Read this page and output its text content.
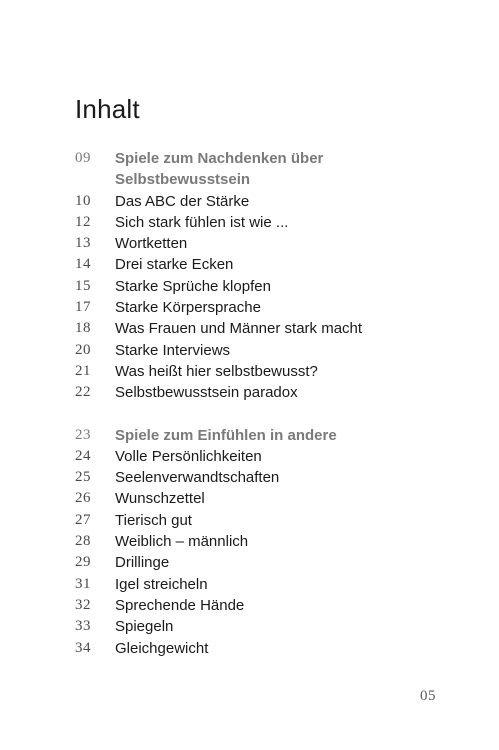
Inhalt
09	Spiele zum Nachdenken über
Selbstbewusstsein
10	Das ABC der Stärke
12	Sich stark fühlen ist wie ...
13	Wortketten
14	Drei starke Ecken
15	Starke Sprüche klopfen
17	Starke Körpersprache
18	Was Frauen und Männer stark macht
20	Starke Interviews
21	Was heißt hier selbstbewusst?
22	Selbstbewusstsein paradox
23	Spiele zum Einfühlen in andere
24	Volle Persönlichkeiten
25	Seelenverwandtschaften
26	Wunschzettel
27	Tierisch gut
28	Weiblich – männlich
29	Drillinge
31	Igel streicheln
32	Sprechende Hände
33	Spiegeln
34	Gleichgewicht
05
